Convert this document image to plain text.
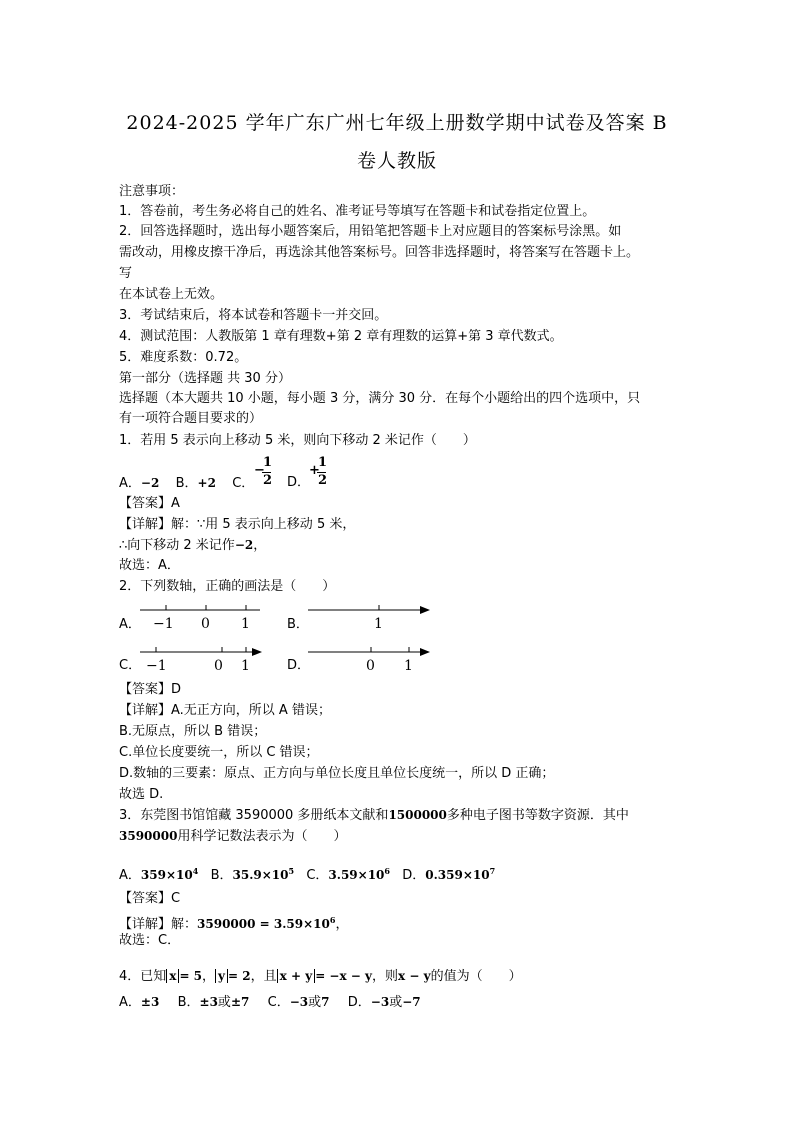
2024-2025 学年广东广州七年级上册数学期中试卷及答案 B
卷人教版
注意事项：
1．答卷前，考生务必将自己的姓名、准考证号等填写在答题卡和试卷指定位置上。
2．回答选择题时，选出每小题答案后，用铅笔把答题卡上对应题目的答案标号涂黑。如
需改动，用橡皮擦干净后，再选涂其他答案标号。回答非选择题时，将答案写在答题卡上。
写
在本试卷上无效。
3．考试结束后，将本试卷和答题卡一并交回。
4．测试范围：人教版第 1 章有理数+第 2 章有理数的运算+第 3 章代数式。
5．难度系数：0.72。
第一部分（选择题 共 30 分）
选择题（本大题共 10 小题，每小题 3 分，满分 30 分．在每个小题给出的四个选项中，只
有一项符合题目要求的）
1．若用 5 表示向上移动 5 米，则向下移动 2 米记作（　　）
A．−2 B．+2 C．
−
1
2 D．
+
1
2
【答案】A
【详解】解：∵用 5 表示向上移动 5 米，
∴向下移动 2 米记作−2，
故选：A．
2．下列数轴，正确的画法是（　　）
A． −1 0 1	B．	1
C． −1	0 1	D．	0 1
【答案】D
【详解】A.无正方向，所以 A 错误；
B.无原点，所以 B 错误；
C.单位长度要统一，所以 C 错误；
D.数轴的三要素：原点、正方向与单位长度且单位长度统一，所以 D 正确；
故选 D.
3．东莞图书馆馆藏 3590000 多册纸本文献和1500000多种电子图书等数字资源．其中
3590000用科学记数法表示为（　　）
A．$359\times 10^4$ B．$35.9\times 10^5$ C．$3.59\times 10^6$ D．$0.359\times 10^7$
【答案】C
【详解】解：$3590000 = 3.59\times 10^6$，
故选：C．
4．已知 x = 5， y = 2，且 x + y = −x − y，则x − y的值为（　　）
A．±3 B．±3或±7 C．−3或7 D．−3或−7
